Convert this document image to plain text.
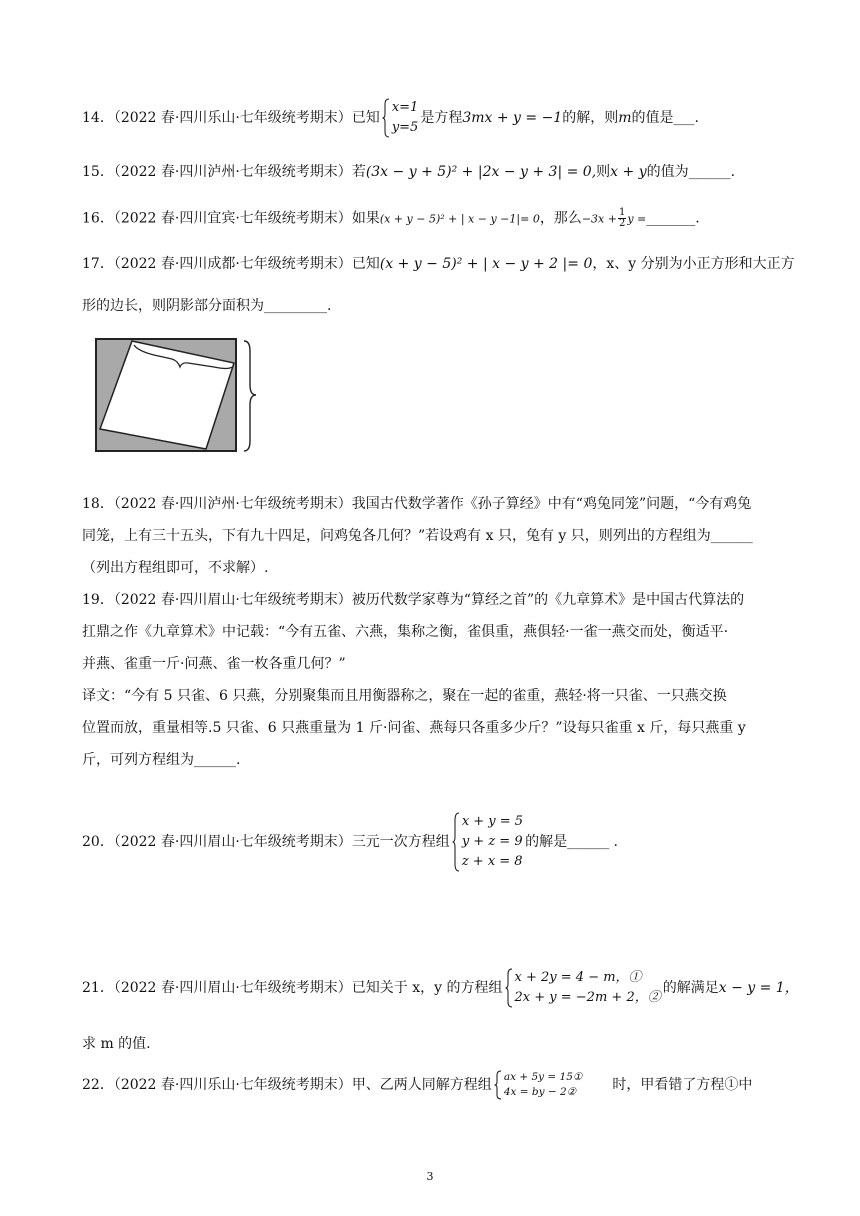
14．（2022 春·四川乐山·七年级统考期末）已知
x=1
y=5
是方程3mx + y = −1的解，则m的值是___.
15．（2022 春·四川泸州·七年级统考期末）若(3x − y + 5)² + |2x − y + 3| = 0,则x + y的值为______.
16．（2022 春·四川宜宾·七年级统考期末）如果(x + y − 5)² + | x − y −1|= 0，那么$-3x + \frac{1}{2}y$ =_______.
17．（2022 春·四川成都·七年级统考期末）已知(x + y − 5)² + | x − y + 2 |= 0，x、y 分别为小正方形和大正方
形的边长，则阴影部分面积为_________.
18．（2022 春·四川泸州·七年级统考期末）我国古代数学著作《孙子算经》中有“鸡兔同笼”问题，“今有鸡兔
同笼，上有三十五头，下有九十四足，问鸡兔各几何？”若设鸡有 x 只，兔有 y 只，则列出的方程组为______
（列出方程组即可，不求解）.
19．（2022 春·四川眉山·七年级统考期末）被历代数学家尊为“算经之首”的《九章算术》是中国古代算法的
扛鼎之作《九章算术》中记载：“今有五雀、六燕，集称之衡，雀俱重，燕俱轻·一雀一燕交而处，衡适平·
并燕、雀重一斤·问燕、雀一枚各重几何？”
译文：“今有 5 只雀、6 只燕，分别聚集而且用衡器称之，聚在一起的雀重，燕轻·将一只雀、一只燕交换
位置而放，重量相等.5 只雀、6 只燕重量为 1 斤·问雀、燕每只各重多少斤？”设每只雀重 x 斤，每只燕重 y
斤，可列方程组为______.
20．（2022 春·四川眉山·七年级统考期末）三元一次方程组
x + y = 5
y + z = 9
z + x = 8
的解是______ .
21．（2022 春·四川眉山·七年级统考期末）已知关于 x，y 的方程组
x + 2y = 4 − m，①
2x + y = −2m + 2，②
的解满足x − y = 1，
求 m 的值.
22．（2022 春·四川乐山·七年级统考期末）甲、乙两人同解方程组 ax + 5y = 15①
4x = by − 2②	时，甲看错了方程①中
3
